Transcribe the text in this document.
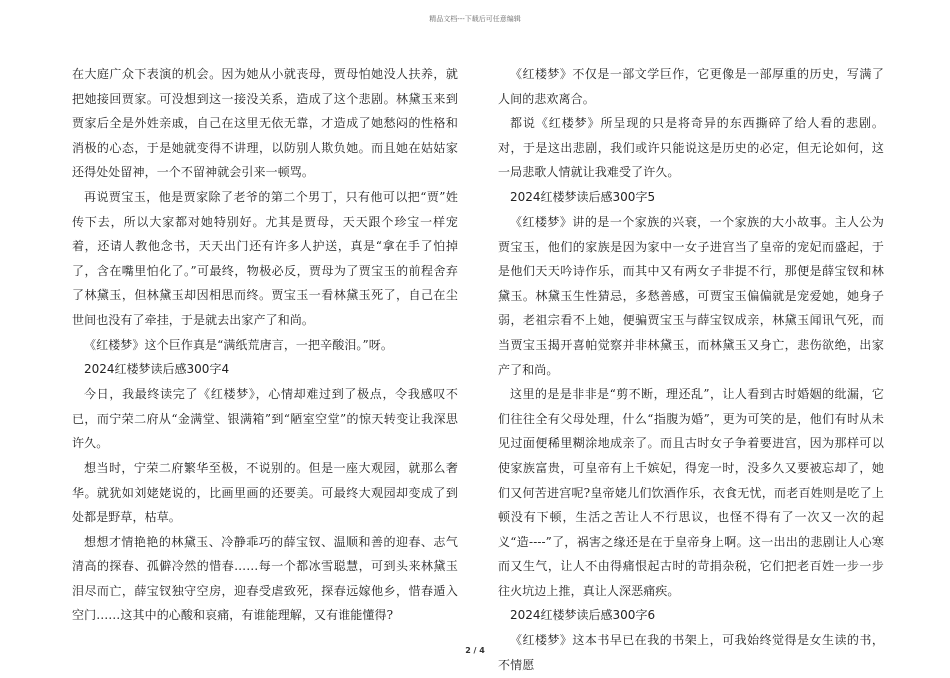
精品文档---下载后可任意编辑

在大庭广众下表演的机会。因为她从小就丧母，贾母怕她没人扶养，就把她接回贾家。可没想到这一接没关系，造成了这个悲剧。林黛玉来到贾家后全是外姓亲戚，自己在这里无依无靠，才造成了她愁闷的性格和消极的心态，于是她就变得不讲理，以防别人欺负她。而且她在姑姑家还得处处留神，一个不留神就会引来一顿骂。

再说贾宝玉，他是贾家除了老爷的第二个男丁，只有他可以把“贾”姓传下去，所以大家都对她特别好。尤其是贾母，天天跟个珍宝一样宠着，还请人教他念书，天天出门还有许多人护送，真是“拿在手了怕掉了，含在嘴里怕化了。”可最终，物极必反，贾母为了贾宝玉的前程舍弃了林黛玉，但林黛玉却因相思而终。贾宝玉一看林黛玉死了，自己在尘世间也没有了牵挂，于是就去出家产了和尚。

《红楼梦》这个巨作真是“满纸荒唐言，一把辛酸泪。”呀。

2024红楼梦读后感300字4

今日，我最终读完了《红楼梦》，心情却难过到了极点，令我感叹不已，而宁荣二府从“金满堂、银满箱”到“陋室空堂”的惊天转变让我深思许久。

想当时，宁荣二府繁华至极，不说别的。但是一座大观园，就那么奢华。就犹如刘姥姥说的，比画里画的还要美。可最终大观园却变成了到处都是野草，枯草。

想想才情艳艳的林黛玉、冷静乖巧的薛宝钗、温顺和善的迎春、志气清高的探春、孤僻冷然的惜春……每一个都冰雪聪慧，可到头来林黛玉泪尽而亡，薛宝钗独守空房，迎春受虐致死，探春远嫁他乡，惜春遁入空门……这其中的心酸和哀痛，有谁能理解，又有谁能懂得?

《红楼梦》不仅是一部文学巨作，它更像是一部厚重的历史，写满了人间的悲欢离合。

都说《红楼梦》所呈现的只是将奇异的东西撕碎了给人看的悲剧。对，于是这出悲剧，我们或许只能说这是历史的必定，但无论如何，这一局悲歌人情就让我难受了许久。

2024红楼梦读后感300字5

《红楼梦》讲的是一个家族的兴衰，一个家族的大小故事。主人公为贾宝玉，他们的家族是因为家中一女子进宫当了皇帝的宠妃而盛起，于是他们天天吟诗作乐，而其中又有两女子非提不行，那便是薛宝钗和林黛玉。林黛玉生性猜忌，多愁善感，可贾宝玉偏偏就是宠爱她，她身子弱，老祖宗看不上她，便骗贾宝玉与薛宝钗成亲，林黛玉闻讯气死，而当贾宝玉揭开喜帕觉察并非林黛玉，而林黛玉又身亡，悲伤欲绝，出家产了和尚。

这里的是是非非是“剪不断，理还乱”，让人看到古时婚姻的纰漏，它们往往全有父母处理，什么“指腹为婚”，更为可笑的是，他们有时从未见过面便稀里糊涂地成亲了。而且古时女子争着要进宫，因为那样可以使家族富贵，可皇帝有上千嫔妃，得宠一时，没多久又要被忘却了，她们又何苦进宫呢?皇帝姥儿们饮酒作乐，衣食无忧，而老百姓则是吃了上顿没有下顿，生活之苦让人不行思议，也怪不得有了一次又一次的起义“造----”了，祸害之缘还是在于皇帝身上啊。这一出出的悲剧让人心寒而又生气，让人不由得痛恨起古时的苛捐杂税，它们把老百姓一步一步往火坑边上推，真让人深恶痛疾。

2024红楼梦读后感300字6

《红楼梦》这本书早已在我的书架上，可我始终觉得是女生读的书，不情愿

2 / 4
